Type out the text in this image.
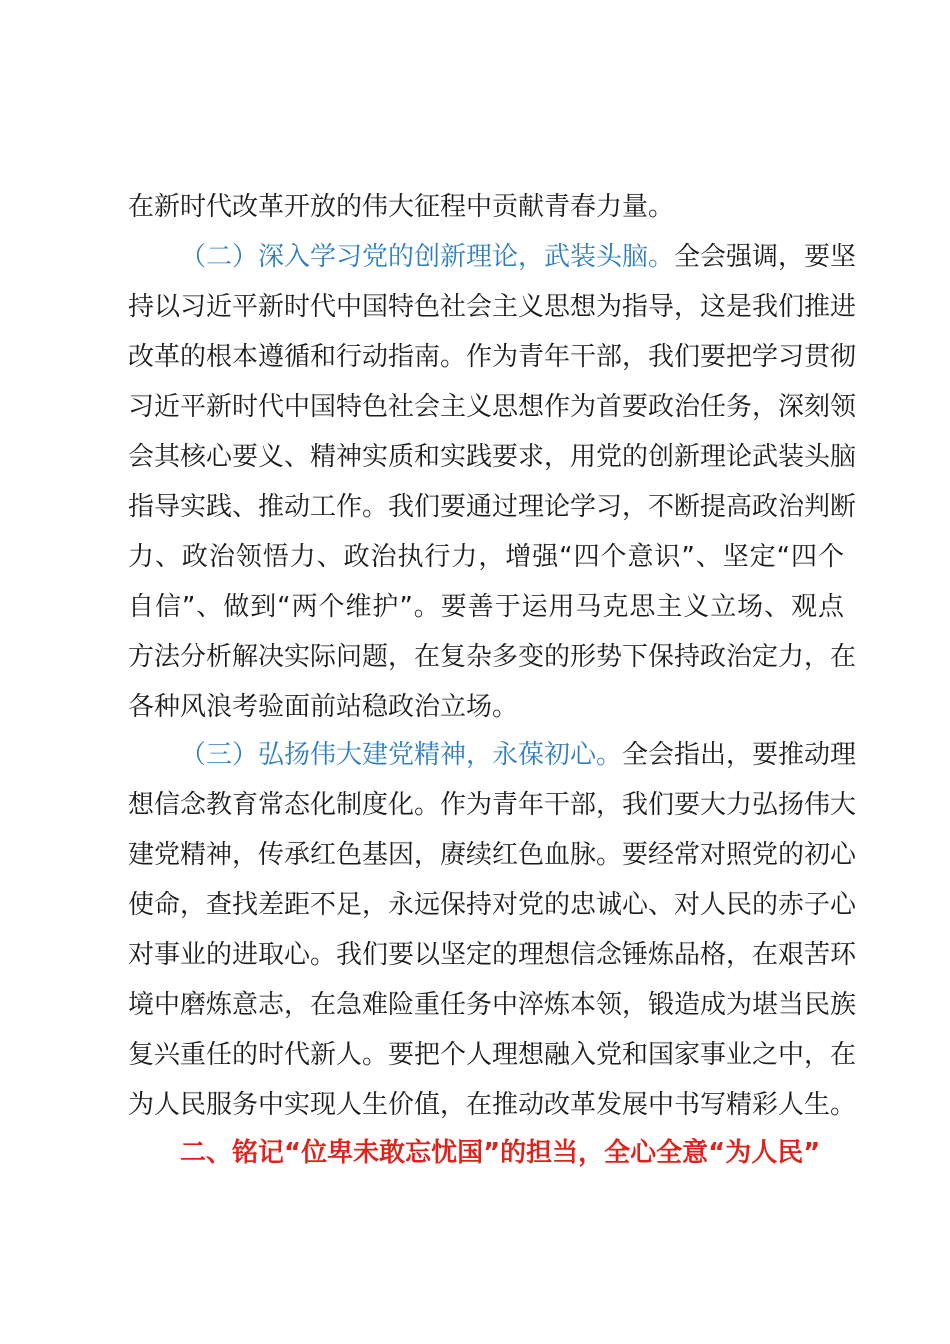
在新时代改革开放的伟大征程中贡献青春力量。
（二）深入学习党的创新理论，武装头脑。全会强调，要坚
持以习近平新时代中国特色社会主义思想为指导，这是我们推进
改革的根本遵循和行动指南。作为青年干部，我们要把学习贯彻
习近平新时代中国特色社会主义思想作为首要政治任务，深刻领
会其核心要义、精神实质和实践要求，用党的创新理论武装头脑
指导实践、推动工作。我们要通过理论学习，不断提高政治判断
力、政治领悟力、政治执行力，增强“四个意识”、坚定“四个
自信”、做到“两个维护”。要善于运用马克思主义立场、观点
方法分析解决实际问题，在复杂多变的形势下保持政治定力，在
各种风浪考验面前站稳政治立场。
（三）弘扬伟大建党精神，永葆初心。全会指出，要推动理
想信念教育常态化制度化。作为青年干部，我们要大力弘扬伟大
建党精神，传承红色基因，赓续红色血脉。要经常对照党的初心
使命，查找差距不足，永远保持对党的忠诚心、对人民的赤子心
对事业的进取心。我们要以坚定的理想信念锤炼品格，在艰苦环
境中磨炼意志，在急难险重任务中淬炼本领，锻造成为堪当民族
复兴重任的时代新人。要把个人理想融入党和国家事业之中，在
为人民服务中实现人生价值，在推动改革发展中书写精彩人生。
二、铭记“位卑未敢忘忧国”的担当，全心全意“为人民”
